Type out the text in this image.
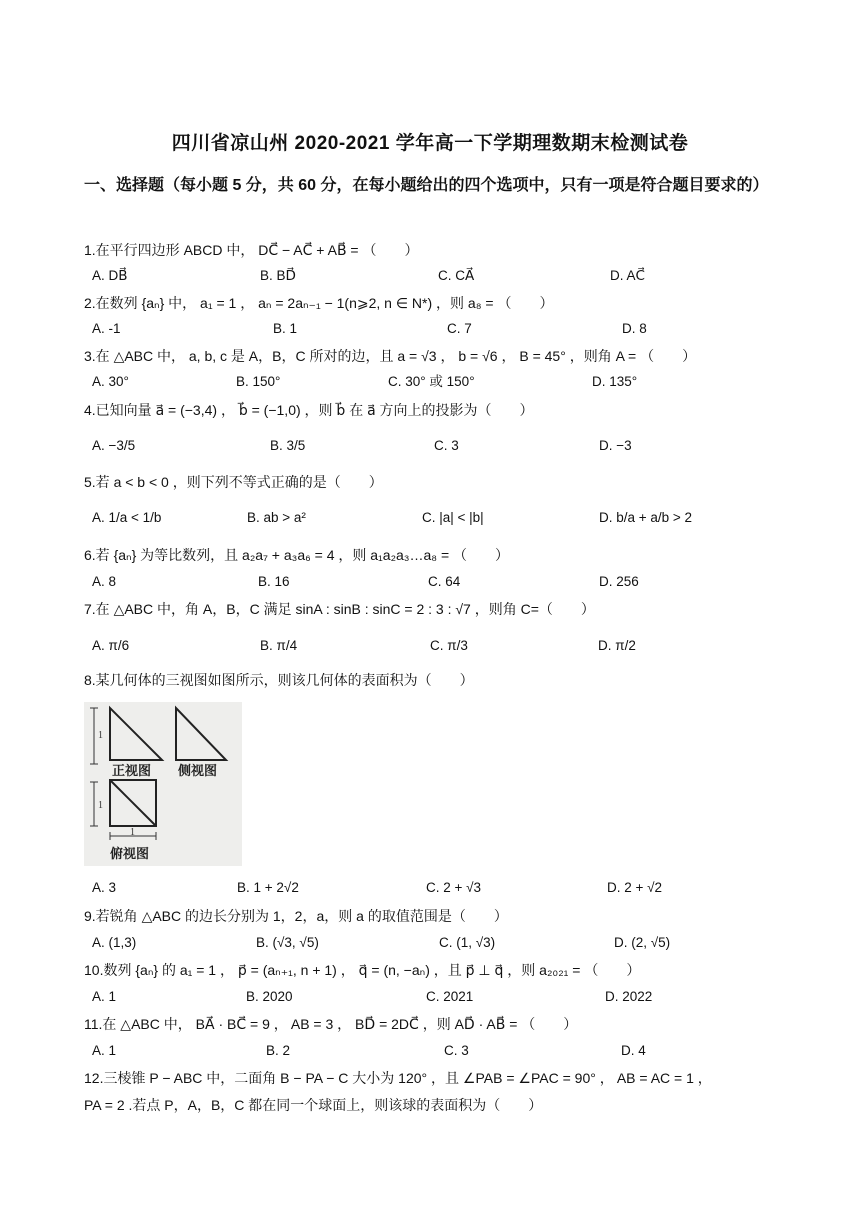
四川省凉山州 2020-2021 学年高一下学期理数期末检测试卷
一、选择题（每小题 5 分，共 60 分，在每小题给出的四个选项中，只有一项是符合题目要求的）
1.在平行四边形 ABCD 中， DC⃗ − AC⃗ + AB⃗ = （　　）
A. DB⃗	B. BD⃗	C. CA⃗	D. AC⃗
2.在数列 {aₙ} 中， a₁ = 1 ， aₙ = 2aₙ₋₁ − 1(n⩾2, n ∈ N*) ，则 a₈ = （　　）
A. -1	B. 1	C. 7	D. 8
3.在 △ABC 中， a, b, c 是 A，B，C 所对的边，且 a = √3 ， b = √6 ， B = 45° ，则角 A = （　　）
A. 30°	B. 150°	C. 30° 或 150°	D. 135°
4.已知向量 a⃗ = (−3,4) ， b⃗ = (−1,0) ，则 b⃗ 在 a⃗ 方向上的投影为（　　）
A. −3/5	B. 3/5	C. 3	D. −3
5.若 a < b < 0 ，则下列不等式正确的是（　　）
A. 1/a < 1/b	B. ab > a²	C. |a| < |b|	D. b/a + a/b > 2
6.若 {aₙ} 为等比数列，且 a₂a₇ + a₃a₆ = 4 ，则 a₁a₂a₃…a₈ = （　　）
A. 8	B. 16	C. 64	D. 256
7.在 △ABC 中，角 A，B，C 满足 sinA : sinB : sinC = 2 : 3 : √7 ，则角 C=（　　）
A. π/6	B. π/4	C. π/3	D. π/2
8.某几何体的三视图如图所示，则该几何体的表面积为（　　）
1
正视图 侧视图
1
1
俯视图
A. 3	B. 1 + 2√2	C. 2 + √3	D. 2 + √2
9.若锐角 △ABC 的边长分别为 1，2，a，则 a 的取值范围是（　　）
A. (1,3)	B. (√3, √5)	C. (1, √3)	D. (2, √5)
10.数列 {aₙ} 的 a₁ = 1 ， p⃗ = (aₙ₊₁, n + 1) ， q⃗ = (n, −aₙ) ，且 p⃗ ⊥ q⃗ ，则 a₂₀₂₁ = （　　）
A. 1	B. 2020	C. 2021	D. 2022
11.在 △ABC 中， BA⃗ · BC⃗ = 9 ， AB = 3 ， BD⃗ = 2DC⃗ ，则 AD⃗ · AB⃗ = （　　）
A. 1	B. 2	C. 3	D. 4
12.三棱锥 P − ABC 中，二面角 B − PA − C 大小为 120° ，且 ∠PAB = ∠PAC = 90° ， AB = AC = 1 ，
PA = 2 .若点 P，A，B，C 都在同一个球面上，则该球的表面积为（　　）
